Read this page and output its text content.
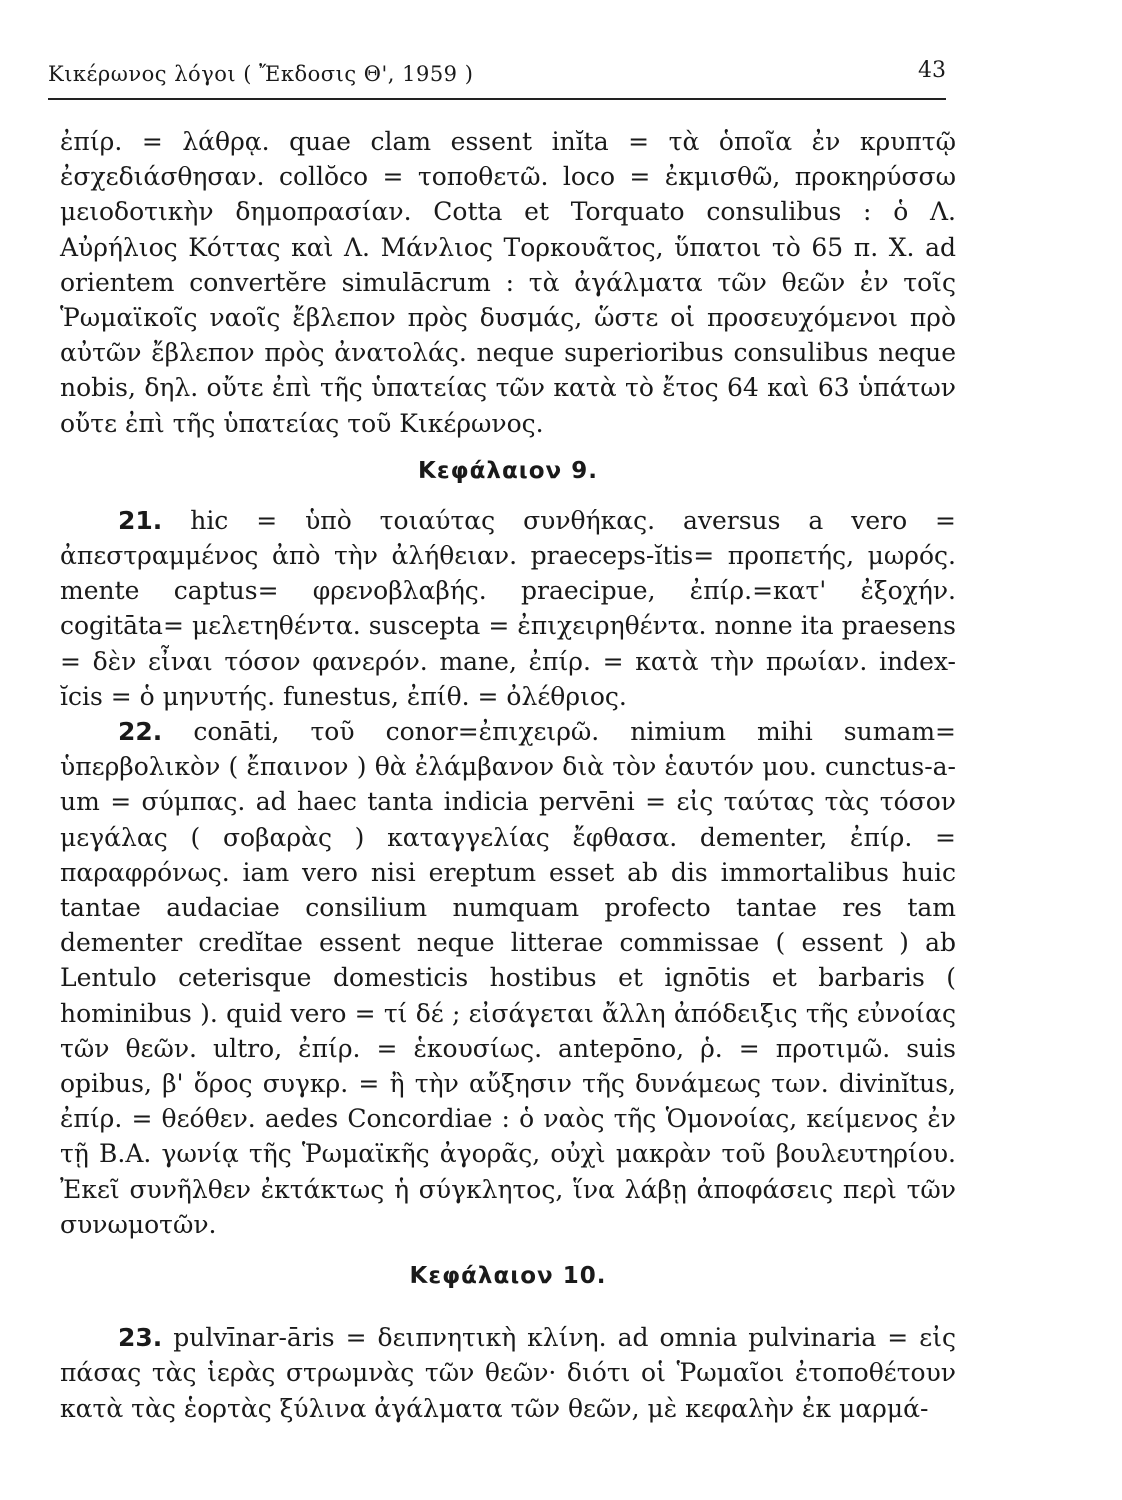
Κικέρωνος λόγοι ( Ἔκδοσις Θ', 1959 )	43

ἐπίρ. = λάθρᾳ. quae clam essent inĭta = τὰ ὁποῖα ἐν κρυπτῷ ἐσχεδιάσθησαν. collŏco = τοποθετῶ. loco = ἐκμισθῶ, προκηρύσσω μειοδοτικὴν δημοπρασίαν. Cotta et Torquato consulibus : ὁ Λ. Αὐρήλιος Κόττας καὶ Λ. Μάνλιος Τορκουᾶτος, ὕπατοι τὸ 65 π. Χ. ad orientem convertĕre simulācrum : τὰ ἀγάλματα τῶν θεῶν ἐν τοῖς Ῥωμαϊκοῖς ναοῖς ἔβλεπον πρὸς δυσμάς, ὥστε οἱ προσευχόμενοι πρὸ αὐτῶν ἔβλεπον πρὸς ἀνατολάς. neque superioribus consulibus neque nobis, δηλ. οὔτε ἐπὶ τῆς ὑπατείας τῶν κατὰ τὸ ἔτος 64 καὶ 63 ὑπάτων οὔτε ἐπὶ τῆς ὑπατείας τοῦ Κικέρωνος.

Κεφάλαιον 9.

21. hic = ὑπὸ τοιαύτας συνθήκας. aversus a vero = ἀπεστραμμένος ἀπὸ τὴν ἀλήθειαν. praeceps-ĭtis= προπετής, μωρός. mente captus= φρενοβλαβής. praecipue, ἐπίρ.=κατ' ἐξοχήν. cogitāta= μελετηθέντα. suscepta = ἐπιχειρηθέντα. nonne ita praesens = δὲν εἶναι τόσον φανερόν. mane, ἐπίρ. = κατὰ τὴν πρωίαν. index-ĭcis = ὁ μηνυτής. funestus, ἐπίθ. = ὀλέθριος.

22. conāti, τοῦ conor=ἐπιχειρῶ. nimium mihi sumam= ὑπερβολικὸν ( ἔπαινον ) θὰ ἐλάμβανον διὰ τὸν ἑαυτόν μου. cunctus-a-um = σύμπας. ad haec tanta indicia pervēni = εἰς ταύτας τὰς τόσον μεγάλας ( σοβαρὰς ) καταγγελίας ἔφθασα. dementer, ἐπίρ. = παραφρόνως. iam vero nisi ereptum esset ab dis immortalibus huic tantae audaciae consilium numquam profecto tantae res tam dementer credĭtae essent neque litterae commissae ( essent ) ab Lentulo ceterisque domesticis hostibus et ignōtis et barbaris ( hominibus ). quid vero = τί δέ ; εἰσάγεται ἄλλη ἀπόδειξις τῆς εὐνοίας τῶν θεῶν. ultro, ἐπίρ. = ἑκουσίως. antepōno, ῥ. = προτιμῶ. suis opibus, β' ὅρος συγκρ. = ἢ τὴν αὔξησιν τῆς δυνάμεως των. divinĭtus, ἐπίρ. = θεόθεν. aedes Concordiae : ὁ ναὸς τῆς Ὁμονοίας, κείμενος ἐν τῇ Β.Α. γωνίᾳ τῆς Ῥωμαϊκῆς ἀγορᾶς, οὐχὶ μακρὰν τοῦ βουλευτηρίου. Ἐκεῖ συνῆλθεν ἐκτάκτως ἡ σύγκλητος, ἵνα λάβῃ ἀποφάσεις περὶ τῶν συνωμοτῶν.

Κεφάλαιον 10.

23. pulvīnar-āris = δειπνητικὴ κλίνη. ad omnia pulvinaria = εἰς πάσας τὰς ἱερὰς στρωμνὰς τῶν θεῶν· διότι οἱ Ῥωμαῖοι ἐτοποθέτουν κατὰ τὰς ἑορτὰς ξύλινα ἀγάλματα τῶν θεῶν, μὲ κεφαλὴν ἐκ μαρμά-
